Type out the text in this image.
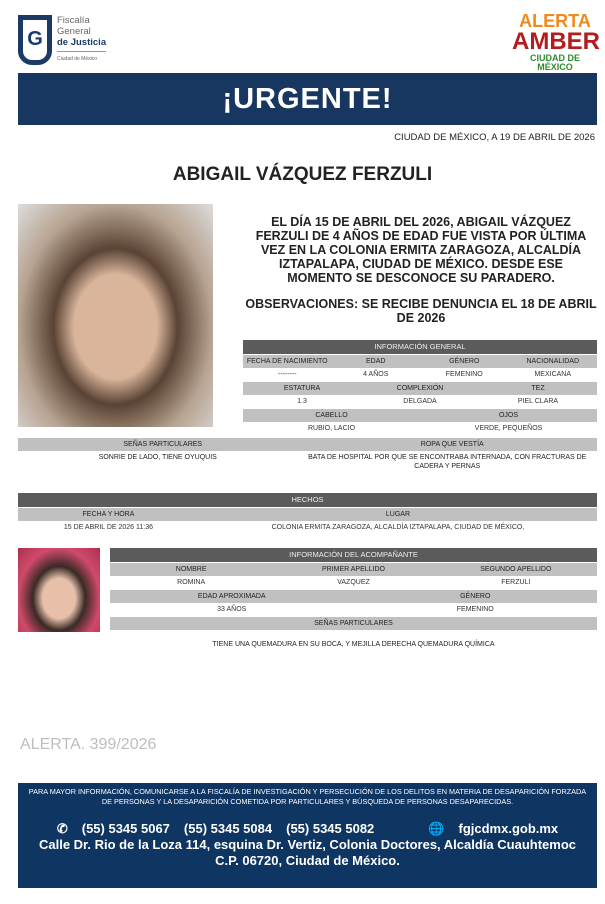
G
Fiscalía
General
de Justicia
Ciudad de México
ALERTA
AMBER
CIUDAD DE MÉXICO
¡URGENTE!
CIUDAD DE MÉXICO, A 19 DE ABRIL DE 2026
ABIGAIL VÁZQUEZ FERZULI
EL DÍA 15 DE ABRIL DEL 2026, ABIGAIL VÁZQUEZ FERZULI DE 4 AÑOS DE EDAD FUE VISTA POR ÚLTIMA VEZ EN LA COLONIA ERMITA ZARAGOZA, ALCALDÍA IZTAPALAPA, CIUDAD DE MÉXICO. DESDE ESE MOMENTO SE DESCONOCE SU PARADERO.
OBSERVACIONES: SE RECIBE DENUNCIA EL 18 DE ABRIL DE 2026
INFORMACIÓN GENERAL
FECHA DE NACIMIENTO	EDAD	GÉNERO	NACIONALIDAD
--------	4 AÑOS	FEMENINO	MEXICANA
ESTATURA	COMPLEXIÓN	TEZ
1.3	DELGADA	PIEL CLARA
CABELLO	OJOS
RUBIO, LACIO	VERDE, PEQUEÑOS
SEÑAS PARTICULARES	ROPA QUE VESTÍA
SONRIE DE LADO, TIENE OYUQUIS	BATA DE HOSPITAL POR QUE SE ENCONTRABA INTERNADA, CON FRACTURAS DE CADERA Y PERNAS
HECHOS
FECHA Y HORA	LUGAR
15 DE ABRIL DE 2026 11:36	COLONIA ERMITA ZARAGOZA, ALCALDÍA IZTAPALAPA, CIUDAD DE MÉXICO,
INFORMACIÓN DEL ACOMPAÑANTE
NOMBRE	PRIMER APELLIDO	SEGUNDO APELLIDO
ROMINA	VAZQUEZ	FERZULI
EDAD APROXIMADA	GÉNERO
33 AÑOS	FEMENINO
SEÑAS PARTICULARES
TIENE UNA QUEMADURA EN SU BOCA, Y MEJILLA DERECHA QUEMADURA QUÍMICA
ALERTA. 399/2026
PARA MAYOR INFORMACIÓN, COMUNICARSE A LA FISCALÍA DE INVESTIGACIÓN Y PERSECUCIÓN DE LOS DELITOS EN MATERIA DE DESAPARICIÓN FORZADA DE PERSONAS Y LA DESAPARICIÓN COMETIDA POR PARTICULARES Y BÚSQUEDA DE PERSONAS DESAPARECIDAS.
✆ (55) 5345 5067 (55) 5345 5084 (55) 5345 5082	🌐 fgjcdmx.gob.mx
Calle Dr. Rio de la Loza 114, esquina Dr. Vertiz, Colonia Doctores, Alcaldía Cuauhtemoc
C.P. 06720, Ciudad de México.
